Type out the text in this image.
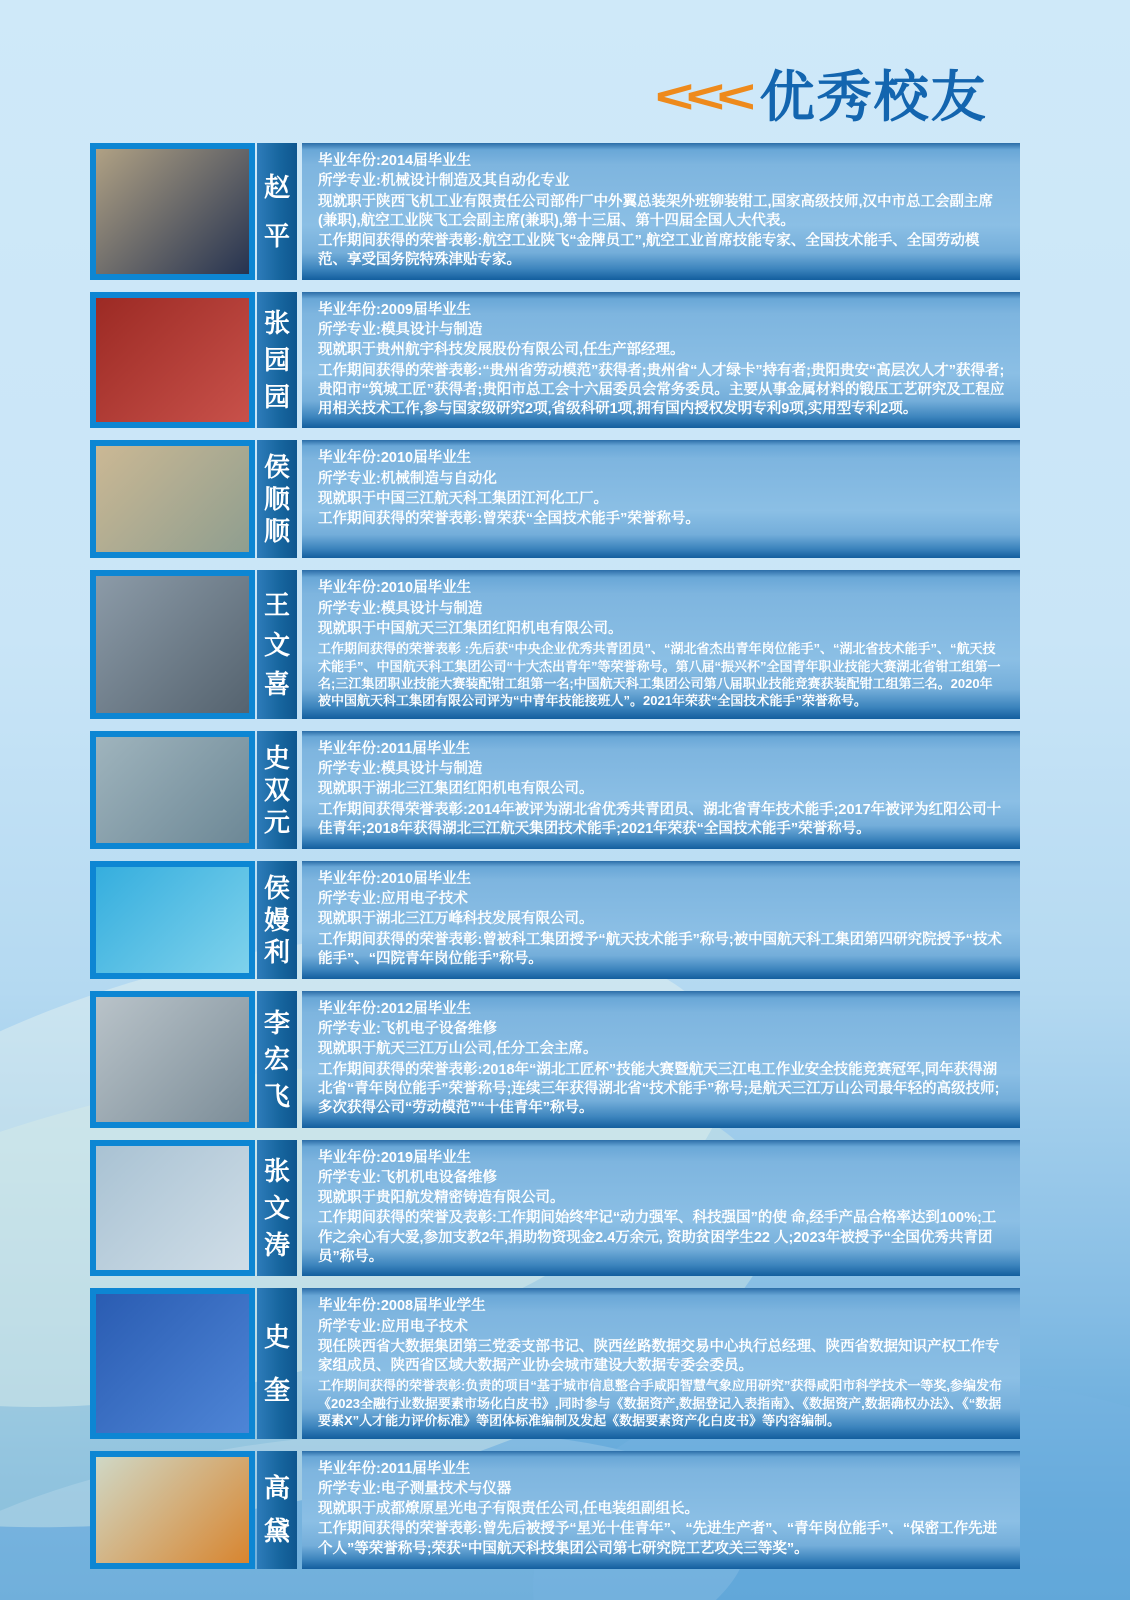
<<< 优秀校友
赵
平
毕业年份:2014届毕业生
所学专业:机械设计制造及其自动化专业
现就职于陕西飞机工业有限责任公司部件厂中外翼总装架外班铆装钳工,国家高级技师,汉中市总工会副主席(兼职),航空工业陕飞工会副主席(兼职),第十三届、第十四届全国人大代表。
工作期间获得的荣誉表彰:航空工业陕飞“金牌员工”,航空工业首席技能专家、全国技术能手、全国劳动模范、享受国务院特殊津贴专家。
张
园
园
毕业年份:2009届毕业生
所学专业:模具设计与制造
现就职于贵州航宇科技发展股份有限公司,任生产部经理。
工作期间获得的荣誉表彰:“贵州省劳动模范”获得者;贵州省“人才绿卡”持有者;贵阳贵安“高层次人才”获得者;贵阳市“筑城工匠”获得者;贵阳市总工会十六届委员会常务委员。主要从事金属材料的锻压工艺研究及工程应用相关技术工作,参与国家级研究2项,省级科研1项,拥有国内授权发明专利9项,实用型专利2项。
侯
顺
顺
毕业年份:2010届毕业生
所学专业:机械制造与自动化
现就职于中国三江航天科工集团江河化工厂。
工作期间获得的荣誉表彰:曾荣获“全国技术能手”荣誉称号。
王
文
喜
毕业年份:2010届毕业生
所学专业:模具设计与制造
现就职于中国航天三江集团红阳机电有限公司。
工作期间获得的荣誉表彰 :先后获“中央企业优秀共青团员”、“湖北省杰出青年岗位能手”、“湖北省技术能手”、“航天技术能手”、中国航天科工集团公司“十大杰出青年”等荣誉称号。第八届“振兴杯”全国青年职业技能大赛湖北省钳工组第一名;三江集团职业技能大赛装配钳工组第一名;中国航天科工集团公司第八届职业技能竞赛获装配钳工组第三名。2020年被中国航天科工集团有限公司评为“中青年技能接班人”。2021年荣获“全国技术能手”荣誉称号。
史
双
元
毕业年份:2011届毕业生
所学专业:模具设计与制造
现就职于湖北三江集团红阳机电有限公司。
工作期间获得荣誉表彰:2014年被评为湖北省优秀共青团员、湖北省青年技术能手;2017年被评为红阳公司十佳青年;2018年获得湖北三江航天集团技术能手;2021年荣获“全国技术能手”荣誉称号。
侯
嫚
利
毕业年份:2010届毕业生
所学专业:应用电子技术
现就职于湖北三江万峰科技发展有限公司。
工作期间获得的荣誉表彰:曾被科工集团授予“航天技术能手”称号;被中国航天科工集团第四研究院授予“技术能手”、“四院青年岗位能手”称号。
李
宏
飞
毕业年份:2012届毕业生
所学专业:飞机电子设备维修
现就职于航天三江万山公司,任分工会主席。
工作期间获得的荣誉表彰:2018年“湖北工匠杯”技能大赛暨航天三江电工作业安全技能竞赛冠军,同年获得湖北省“青年岗位能手”荣誉称号;连续三年获得湖北省“技术能手”称号;是航天三江万山公司最年轻的高级技师;多次获得公司“劳动模范”“十佳青年”称号。
张
文
涛
毕业年份:2019届毕业生
所学专业:飞机机电设备维修
现就职于贵阳航发精密铸造有限公司。
工作期间获得的荣誉及表彰:工作期间始终牢记“动力强军、科技强国”的使 命,经手产品合格率达到100%;工作之余心有大爱,参加支教2年,捐助物资现金2.4万余元, 资助贫困学生22 人;2023年被授予“全国优秀共青团员”称号。
史
奎
毕业年份:2008届毕业学生
所学专业:应用电子技术
现任陕西省大数据集团第三党委支部书记、陕西丝路数据交易中心执行总经理、陕西省数据知识产权工作专家组成员、陕西省区域大数据产业协会城市建设大数据专委会委员。
工作期间获得的荣誉表彰:负责的项目“基于城市信息整合手咸阳智慧气象应用研究”获得咸阳市科学技术一等奖,参编发布《2023全融行业数据要素市场化白皮书》,同时参与《数据资产,数据登记入表指南》、《数据资产,数据确权办法》、《“数据要素X”人才能力评价标准》等团体标准编制及发起《数据要素资产化白皮书》等内容编制。
高
黛
毕业年份:2011届毕业生
所学专业:电子测量技术与仪器
现就职于成都燎原星光电子有限责任公司,任电装组副组长。
工作期间获得的荣誉表彰:曾先后被授予“星光十佳青年”、“先进生产者”、“青年岗位能手”、“保密工作先进个人”等荣誉称号;荣获“中国航天科技集团公司第七研究院工艺攻关三等奖”。
